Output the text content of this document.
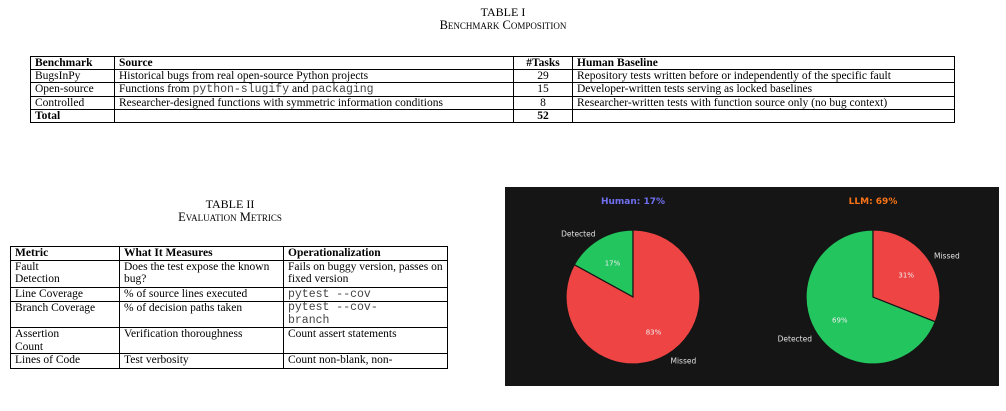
TABLE I
Benchmark Composition
Benchmark	Source	#Tasks	Human Baseline
BugsInPy	Historical bugs from real open-source Python projects	29	Repository tests written before or independently of the specific fault
Open-source	Functions from python-slugify and packaging	15	Developer-written tests serving as locked baselines
Controlled	Researcher-designed functions with symmetric information conditions	8	Researcher-written tests with function source only (no bug context)
Total		52	
TABLE II
Evaluation Metrics
Metric	What It Measures	Operationalization
Fault Detection	Does the test expose the known bug?	Fails on buggy version, passes on fixed version
Line Coverage	% of source lines executed	pytest --cov
Branch Coverage	% of decision paths taken	pytest --cov-branch
Assertion Count	Verification thoroughness	Count assert statements
Lines of Code	Test verbosity	Count non-blank, non-
Human: 17%
17%
Detected
83%
Missed
LLM: 69%
69%
Detected
31%
Missed
